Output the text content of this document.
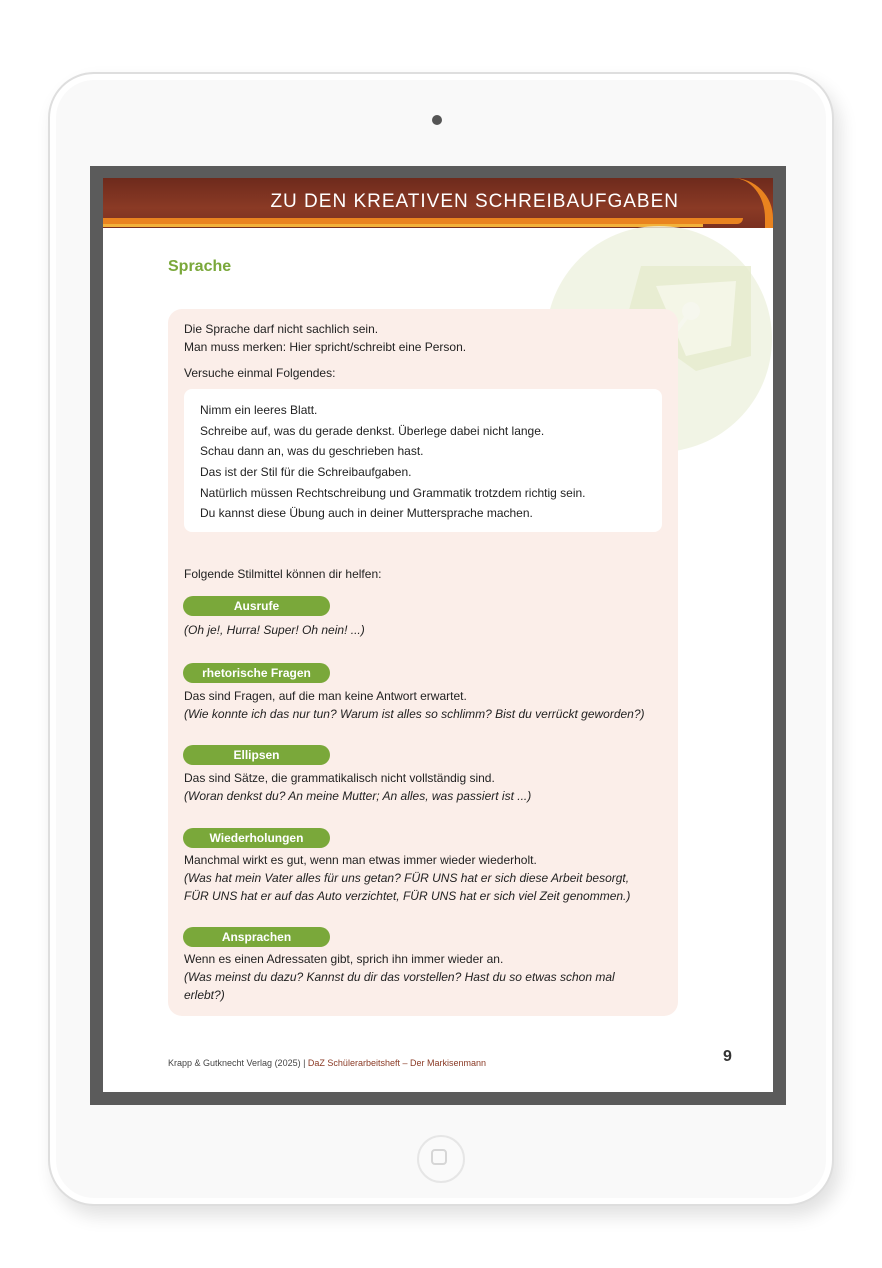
ZU DEN KREATIVEN SCHREIBAUFGABEN
Sprache
Die Sprache darf nicht sachlich sein.
Man muss merken: Hier spricht/schreibt eine Person.
Versuche einmal Folgendes:
Nimm ein leeres Blatt.
Schreibe auf, was du gerade denkst. Überlege dabei nicht lange.
Schau dann an, was du geschrieben hast.
Das ist der Stil für die Schreibaufgaben.
Natürlich müssen Rechtschreibung und Grammatik trotzdem richtig sein.
Du kannst diese Übung auch in deiner Muttersprache machen.
Folgende Stilmittel können dir helfen:
Ausrufe
(Oh je!, Hurra! Super! Oh nein! ...)
rhetorische Fragen
Das sind Fragen, auf die man keine Antwort erwartet.
(Wie konnte ich das nur tun? Warum ist alles so schlimm? Bist du verrückt geworden?)
Ellipsen
Das sind Sätze, die grammatikalisch nicht vollständig sind.
(Woran denkst du? An meine Mutter; An alles, was passiert ist ...)
Wiederholungen
Manchmal wirkt es gut, wenn man etwas immer wieder wiederholt.
(Was hat mein Vater alles für uns getan? FÜR UNS hat er sich diese Arbeit besorgt,
FÜR UNS hat er auf das Auto verzichtet, FÜR UNS hat er sich viel Zeit genommen.)
Ansprachen
Wenn es einen Adressaten gibt, sprich ihn immer wieder an.
(Was meinst du dazu? Kannst du dir das vorstellen? Hast du so etwas schon mal
erlebt?)
Krapp & Gutknecht Verlag (2025) | DaZ Schülerarbeitsheft – Der Markisenmann	9
